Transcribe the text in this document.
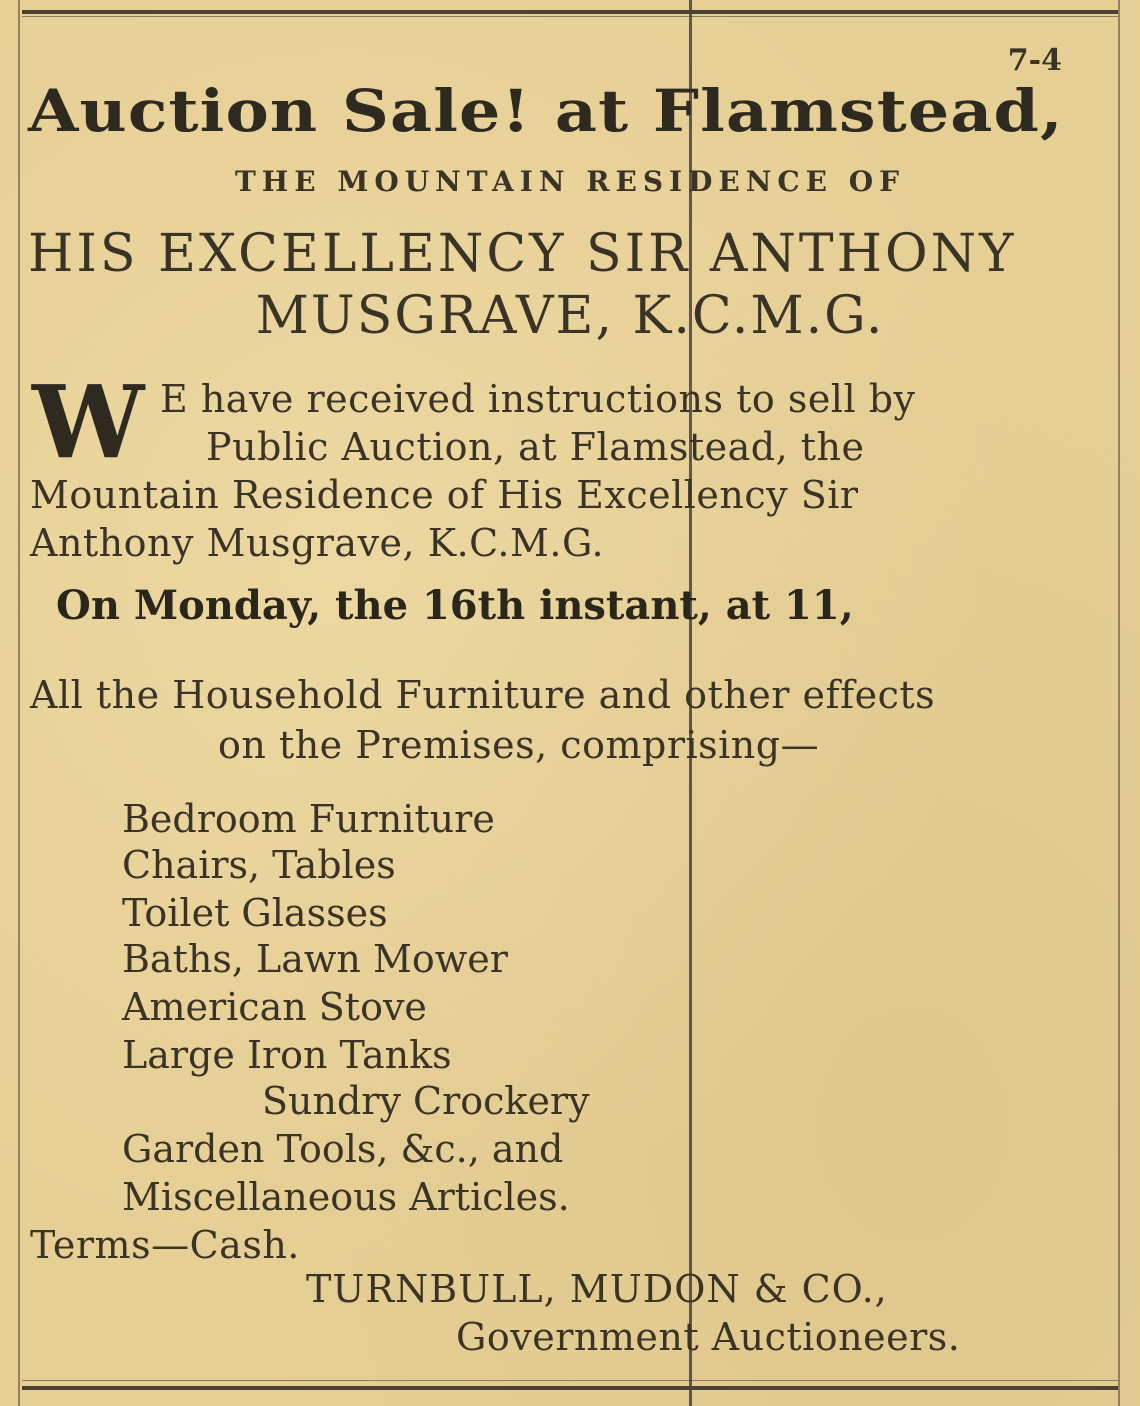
7-4
Auction Sale! at Flamstead,
THE MOUNTAIN RESIDENCE OF
HIS EXCELLENCY SIR ANTHONY
MUSGRAVE, K.C.M.G.
W E have received instructions to sell by
Public Auction, at Flamstead, the
Mountain Residence of His Excellency Sir
Anthony Musgrave, K.C.M.G.
On Monday, the 16th instant, at 11,
All the Household Furniture and other effects
on the Premises, comprising—
Bedroom Furniture
Chairs, Tables
Toilet Glasses
Baths, Lawn Mower
American Stove
Large Iron Tanks
Sundry Crockery
Garden Tools, &c., and
Miscellaneous Articles.
Terms—Cash.
TURNBULL, MUDON & CO.,
Government Auctioneers.
